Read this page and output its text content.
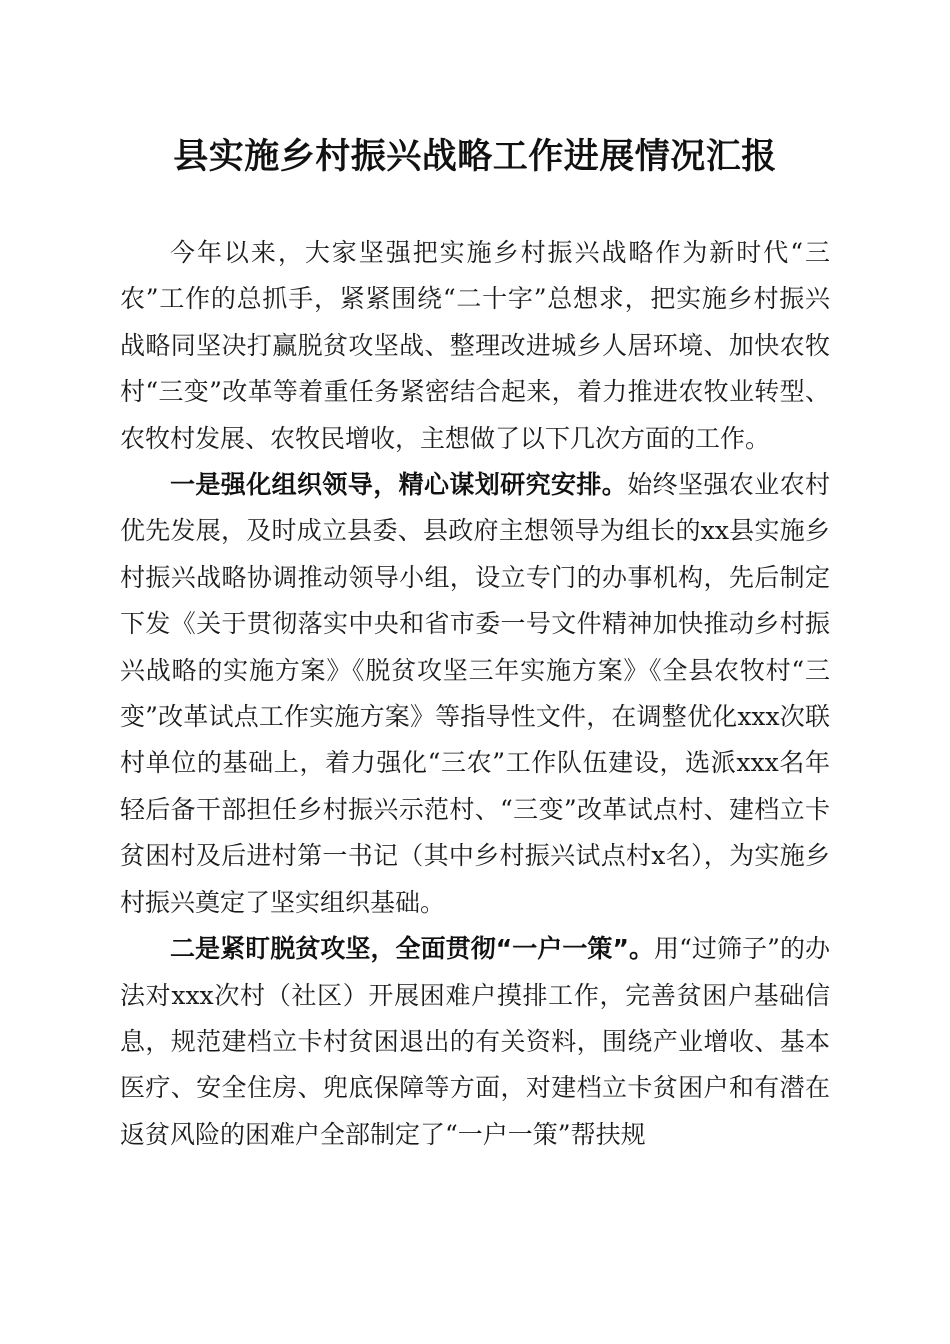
县实施乡村振兴战略工作进展情况汇报

今年以来，大家坚强把实施乡村振兴战略作为新时代“三农”工作的总抓手，紧紧围绕“二十字”总想求，把实施乡村振兴战略同坚决打赢脱贫攻坚战、整理改进城乡人居环境、加快农牧村“三变”改革等着重任务紧密结合起来，着力推进农牧业转型、农牧村发展、农牧民增收，主想做了以下几次方面的工作。

一是强化组织领导，精心谋划研究安排。始终坚强农业农村优先发展，及时成立县委、县政府主想领导为组长的xx县实施乡村振兴战略协调推动领导小组，设立专门的办事机构，先后制定下发《关于贯彻落实中央和省市委一号文件精神加快推动乡村振兴战略的实施方案》《脱贫攻坚三年实施方案》《全县农牧村“三变”改革试点工作实施方案》等指导性文件，在调整优化xxx次联村单位的基础上，着力强化“三农”工作队伍建设，选派xxx名年轻后备干部担任乡村振兴示范村、“三变”改革试点村、建档立卡贫困村及后进村第一书记（其中乡村振兴试点村x名），为实施乡村振兴奠定了坚实组织基础。

二是紧盯脱贫攻坚，全面贯彻“一户一策”。用“过筛子”的办法对xxx次村（社区）开展困难户摸排工作，完善贫困户基础信息，规范建档立卡村贫困退出的有关资料，围绕产业增收、基本医疗、安全住房、兜底保障等方面，对建档立卡贫困户和有潜在返贫风险的困难户全部制定了“一户一策”帮扶规
